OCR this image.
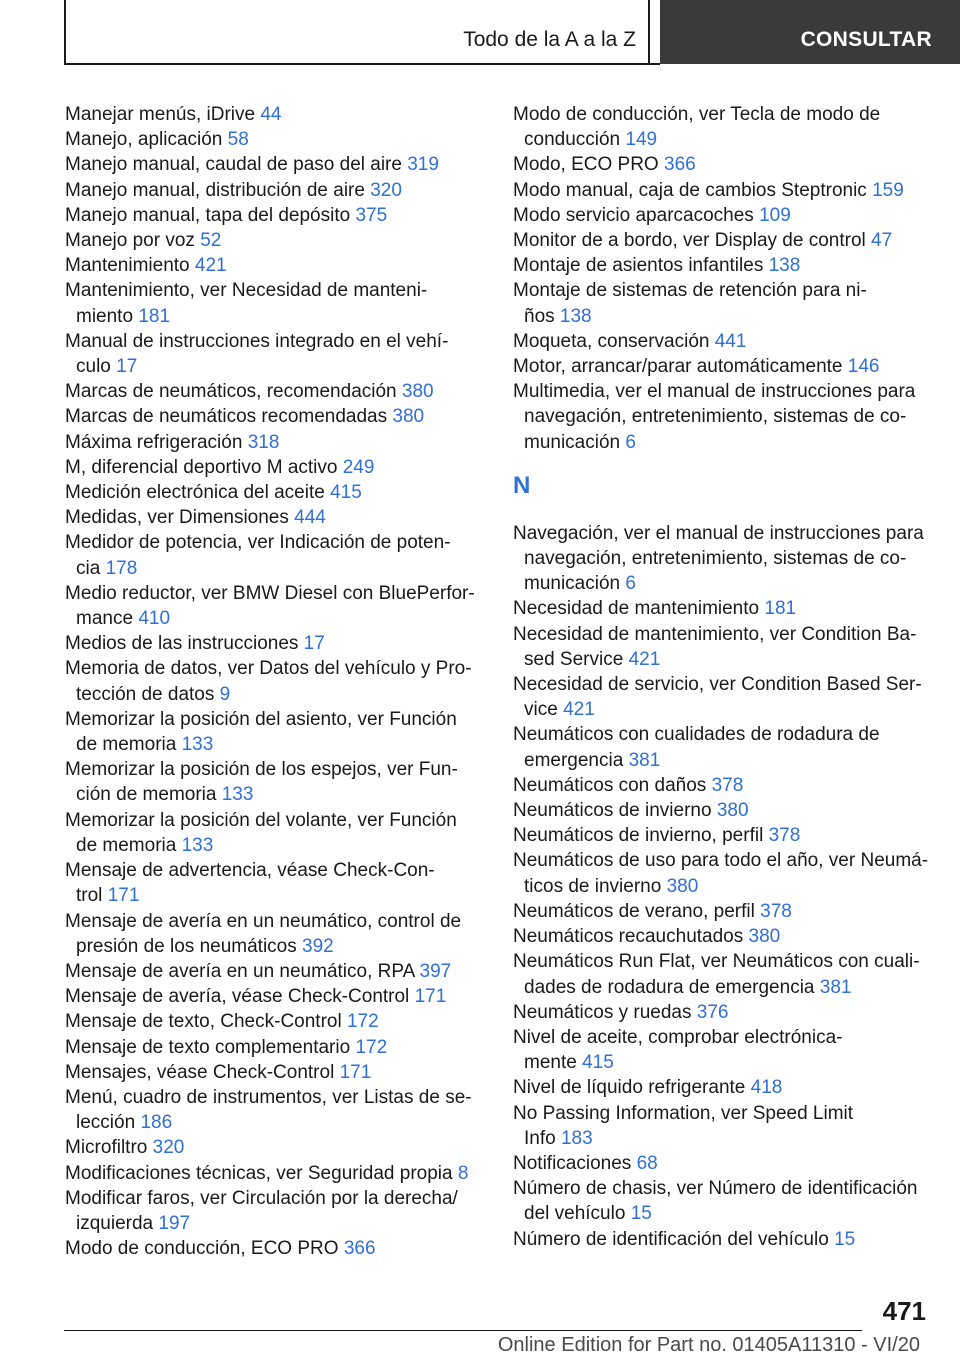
Todo de la A a la Z	CONSULTAR

Manejar menús, iDrive 44

Manejo, aplicación 58

Manejo manual, caudal de paso del aire 319

Manejo manual, distribución de aire 320

Manejo manual, tapa del depósito 375

Manejo por voz 52

Mantenimiento 421

Mantenimiento, ver Necesidad de manteni-
miento 181

Manual de instrucciones integrado en el vehí-
culo 17

Marcas de neumáticos, recomendación 380

Marcas de neumáticos recomendadas 380

Máxima refrigeración 318

M, diferencial deportivo M activo 249

Medición electrónica del aceite 415

Medidas, ver Dimensiones 444

Medidor de potencia, ver Indicación de poten-
cia 178

Medio reductor, ver BMW Diesel con BluePerfor-
mance 410

Medios de las instrucciones 17

Memoria de datos, ver Datos del vehículo y Pro-
tección de datos 9

Memorizar la posición del asiento, ver Función
de memoria 133

Memorizar la posición de los espejos, ver Fun-
ción de memoria 133

Memorizar la posición del volante, ver Función
de memoria 133

Mensaje de advertencia, véase Check-Con-
trol 171

Mensaje de avería en un neumático, control de
presión de los neumáticos 392

Mensaje de avería en un neumático, RPA 397

Mensaje de avería, véase Check-Control 171

Mensaje de texto, Check-Control 172

Mensaje de texto complementario 172

Mensajes, véase Check-Control 171

Menú, cuadro de instrumentos, ver Listas de se-
lección 186

Microfiltro 320

Modificaciones técnicas, ver Seguridad propia 8

Modificar faros, ver Circulación por la derecha/
izquierda 197

Modo de conducción, ECO PRO 366

Modo de conducción, ver Tecla de modo de
conducción 149

Modo, ECO PRO 366

Modo manual, caja de cambios Steptronic 159

Modo servicio aparcacoches 109

Monitor de a bordo, ver Display de control 47

Montaje de asientos infantiles 138

Montaje de sistemas de retención para ni-
ños 138

Moqueta, conservación 441

Motor, arrancar/parar automáticamente 146

Multimedia, ver el manual de instrucciones para
navegación, entretenimiento, sistemas de co-
municación 6

N

Navegación, ver el manual de instrucciones para
navegación, entretenimiento, sistemas de co-
municación 6

Necesidad de mantenimiento 181

Necesidad de mantenimiento, ver Condition Ba-
sed Service 421

Necesidad de servicio, ver Condition Based Ser-
vice 421

Neumáticos con cualidades de rodadura de
emergencia 381

Neumáticos con daños 378

Neumáticos de invierno 380

Neumáticos de invierno, perfil 378

Neumáticos de uso para todo el año, ver Neumá-
ticos de invierno 380

Neumáticos de verano, perfil 378

Neumáticos recauchutados 380

Neumáticos Run Flat, ver Neumáticos con cuali-
dades de rodadura de emergencia 381

Neumáticos y ruedas 376

Nivel de aceite, comprobar electrónica-
mente 415

Nivel de líquido refrigerante 418

No Passing Information, ver Speed Limit
Info 183

Notificaciones 68

Número de chasis, ver Número de identificación
del vehículo 15

Número de identificación del vehículo 15

471
Online Edition for Part no. 01405A11310 - VI/20
